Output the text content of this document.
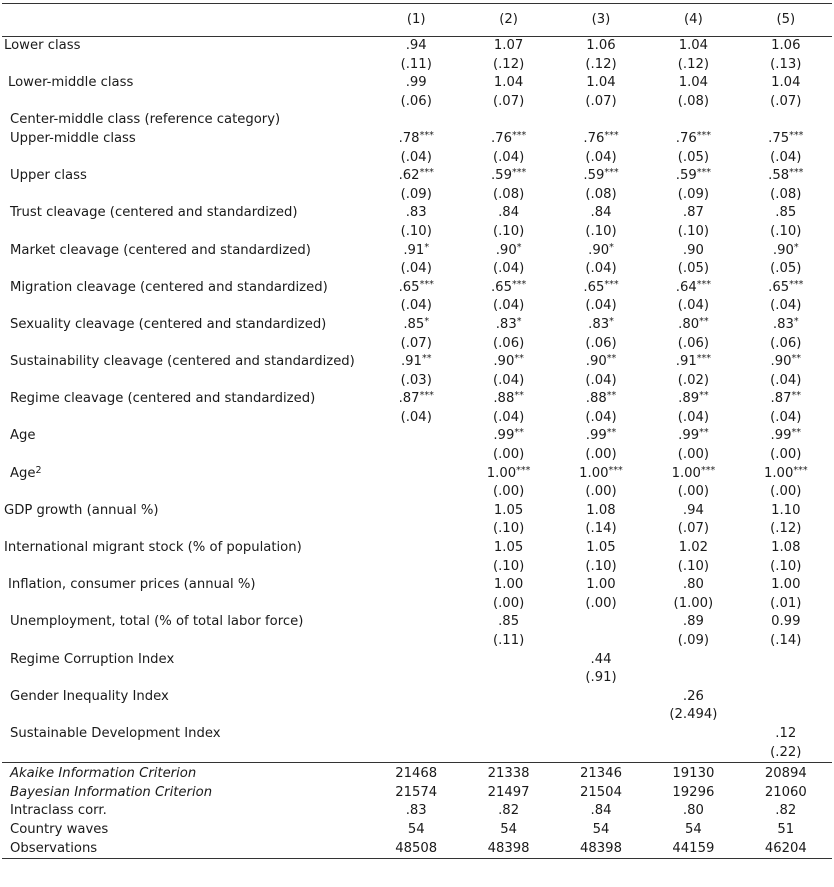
	(1)	(2)	(3)	(4)	(5)
Lower class	.94	1.07	1.06	1.04	1.06
	(.11)	(.12)	(.12)	(.12)	(.13)
Lower-middle class	.99	1.04	1.04	1.04	1.04
	(.06)	(.07)	(.07)	(.08)	(.07)
Center-middle class (reference category)					
Upper-middle class	.78***	.76***	.76***	.76***	.75***
	(.04)	(.04)	(.04)	(.05)	(.04)
Upper class	.62***	.59***	.59***	.59***	.58***
	(.09)	(.08)	(.08)	(.09)	(.08)
Trust cleavage (centered and standardized)	.83	.84	.84	.87	.85
	(.10)	(.10)	(.10)	(.10)	(.10)
Market cleavage (centered and standardized)	.91*	.90*	.90*	.90	.90*
	(.04)	(.04)	(.04)	(.05)	(.05)
Migration cleavage (centered and standardized)	.65***	.65***	.65***	.64***	.65***
	(.04)	(.04)	(.04)	(.04)	(.04)
Sexuality cleavage (centered and standardized)	.85*	.83*	.83*	.80**	.83*
	(.07)	(.06)	(.06)	(.06)	(.06)
Sustainability cleavage (centered and standardized)	.91**	.90**	.90**	.91***	.90**
	(.03)	(.04)	(.04)	(.02)	(.04)
Regime cleavage (centered and standardized)	.87***	.88**	.88**	.89**	.87**
	(.04)	(.04)	(.04)	(.04)	(.04)
Age		.99**	.99**	.99**	.99**
		(.00)	(.00)	(.00)	(.00)
Age$^2$		1.00***	1.00***	1.00***	1.00***
		(.00)	(.00)	(.00)	(.00)
GDP growth (annual %)		1.05	1.08	.94	1.10
		(.10)	(.14)	(.07)	(.12)
International migrant stock (% of population)		1.05	1.05	1.02	1.08
		(.10)	(.10)	(.10)	(.10)
Inflation, consumer prices (annual %)		1.00	1.00	.80	1.00
		(.00)	(.00)	(1.00)	(.01)
Unemployment, total (% of total labor force)		.85		.89	0.99
		(.11)		(.09)	(.14)
Regime Corruption Index			.44		
			(.91)		
Gender Inequality Index				.26	
				(2.494)	
Sustainable Development Index					.12
					(.22)
Akaike Information Criterion	21468	21338	21346	19130	20894
Bayesian Information Criterion	21574	21497	21504	19296	21060
Intraclass corr.	.83	.82	.84	.80	.82
Country waves	54	54	54	54	51
Observations	48508	48398	48398	44159	46204
